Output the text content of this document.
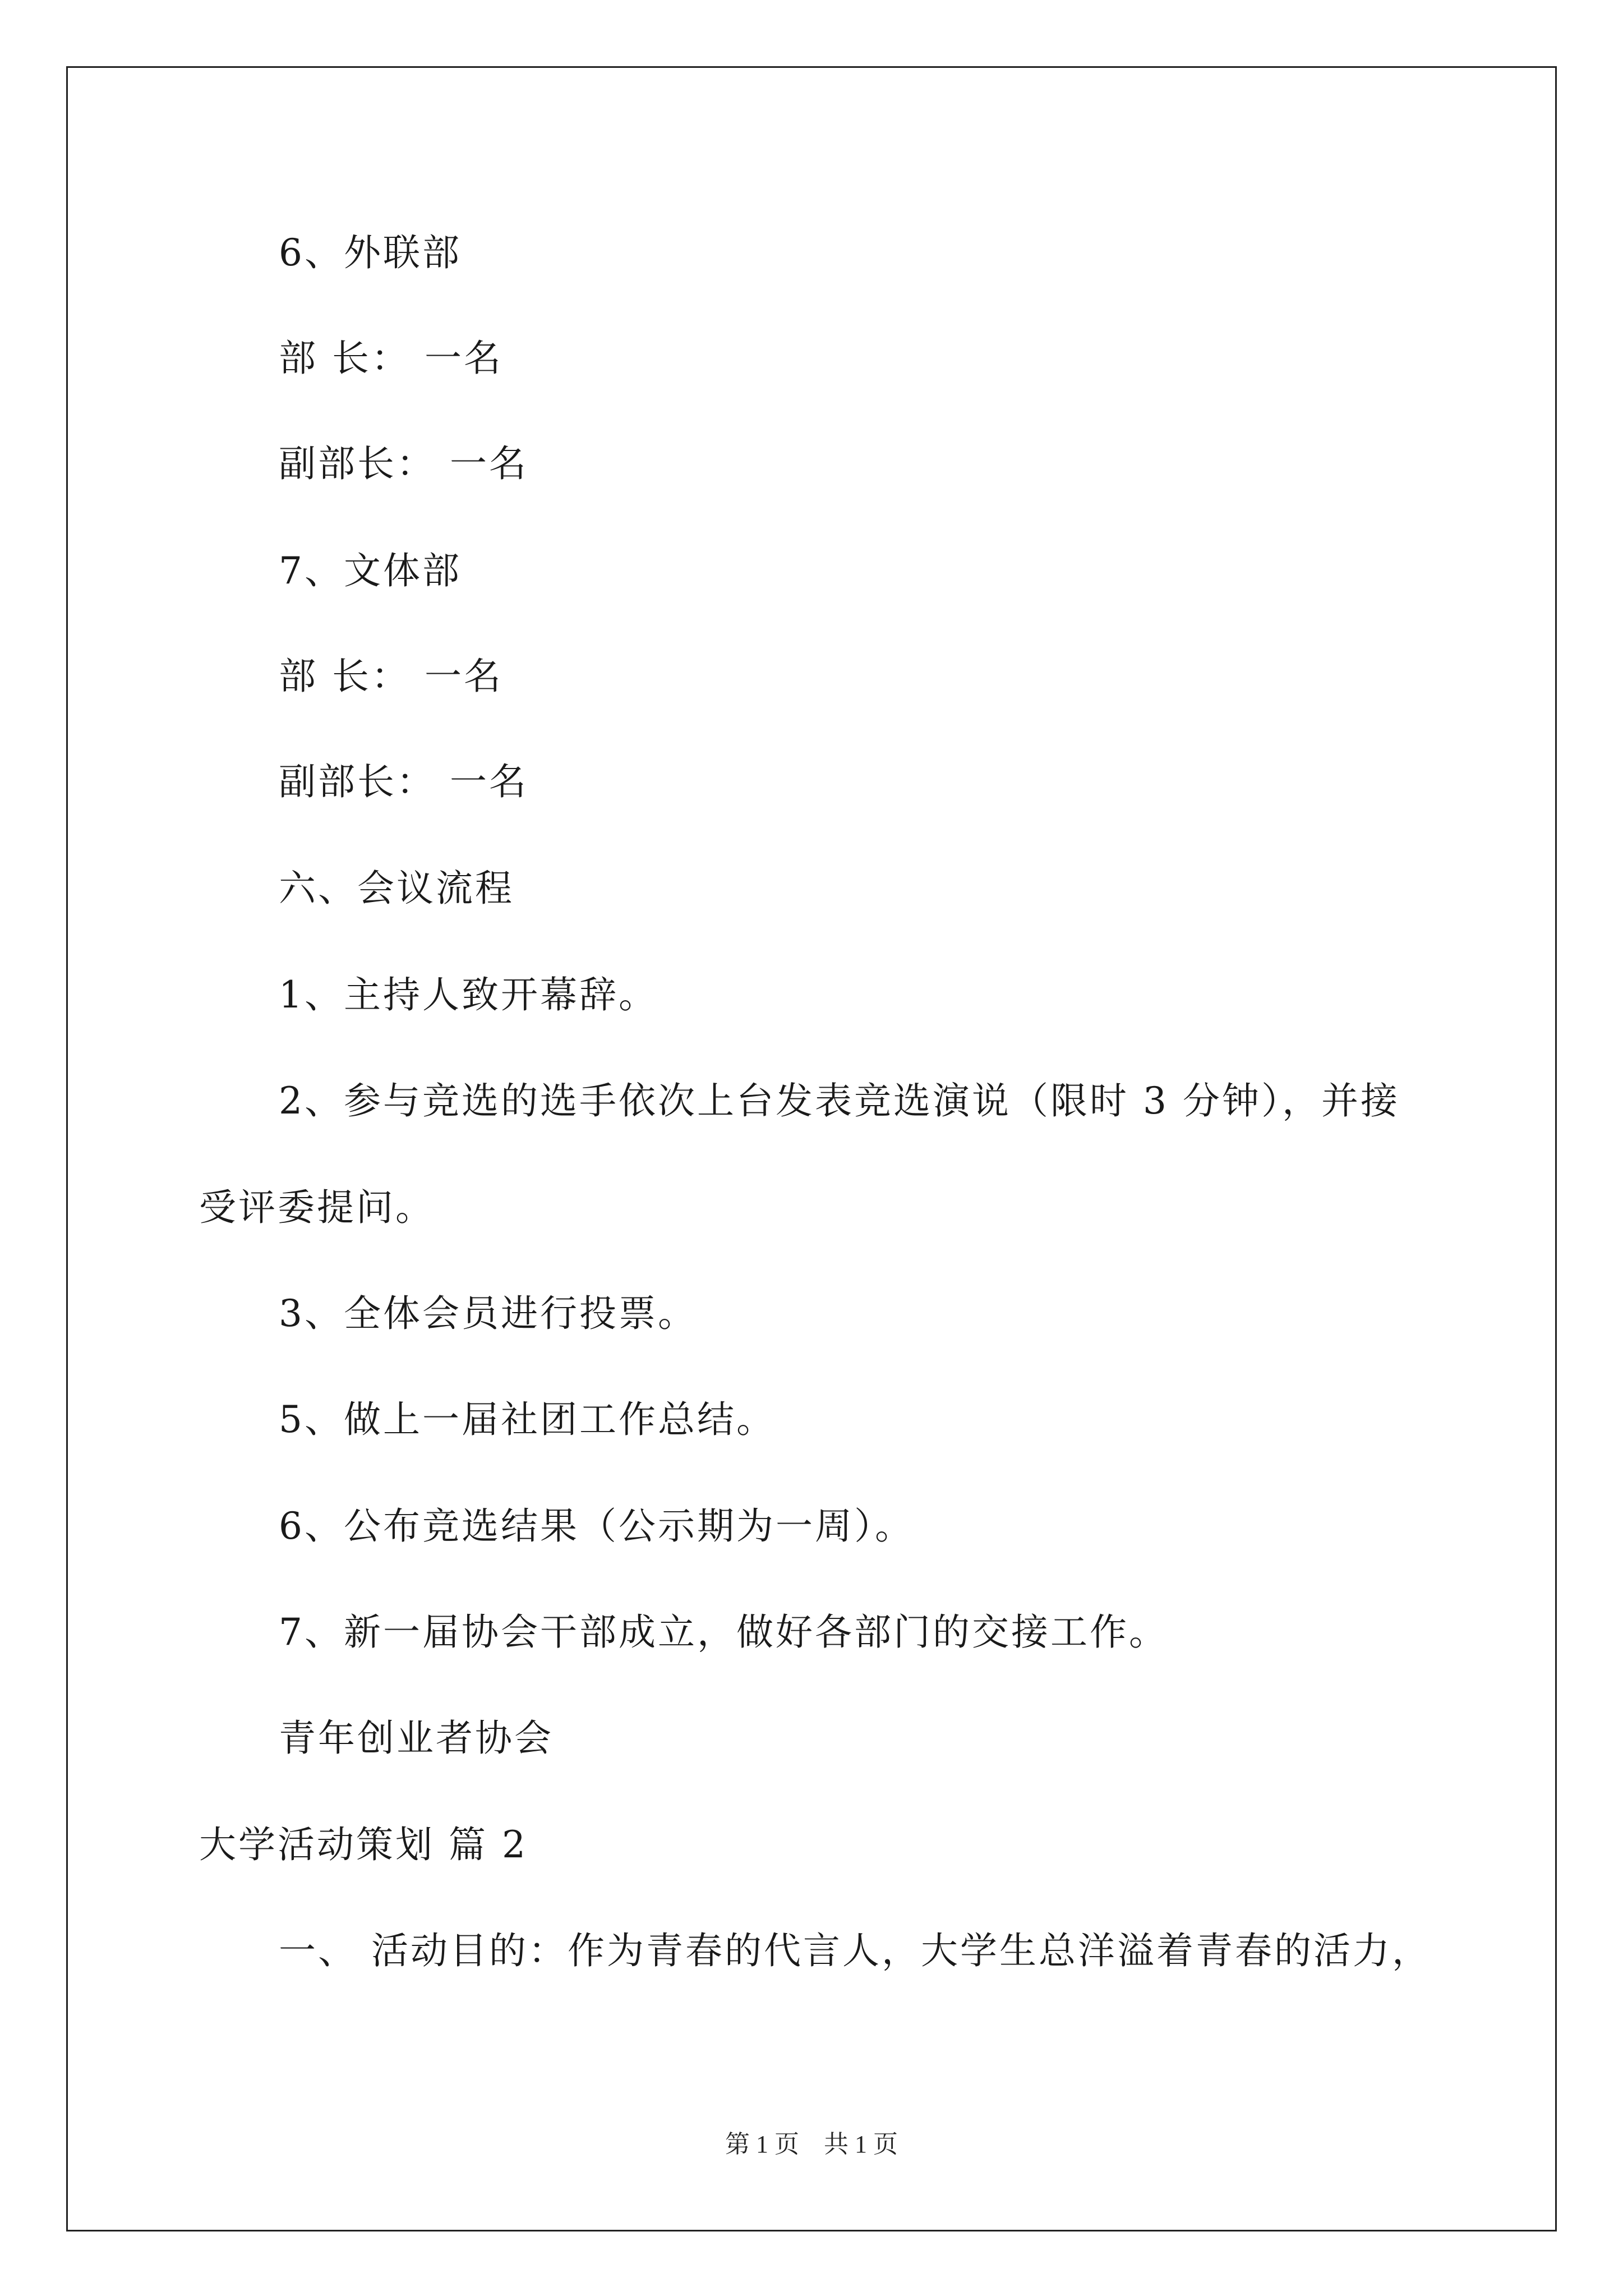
6、外联部
部 长： 一名
副部长： 一名
7、文体部
部 长： 一名
副部长： 一名
六、会议流程
1、主持人致开幕辞。
2、参与竞选的选手依次上台发表竞选演说（限时 3 分钟），并接
受评委提问。
3、全体会员进行投票。
5、做上一届社团工作总结。
6、公布竞选结果（公示期为一周）。
7、新一届协会干部成立，做好各部门的交接工作。
青年创业者协会
大学活动策划 篇 2
一、 活动目的：作为青春的代言人，大学生总洋溢着青春的活力，
第 1 页    共 1 页
